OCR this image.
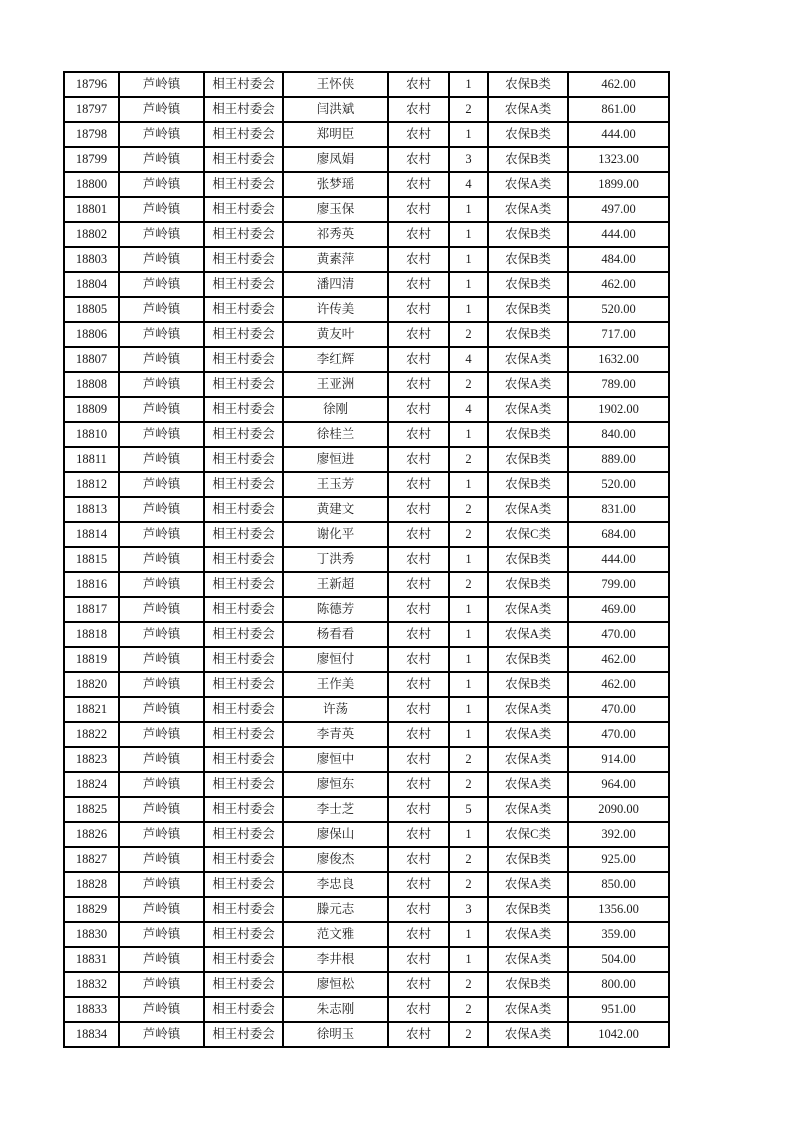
18796	芦岭镇	相王村委会	王怀侠	农村	1	农保B类	462.00
18797	芦岭镇	相王村委会	闫洪斌	农村	2	农保A类	861.00
18798	芦岭镇	相王村委会	郑明臣	农村	1	农保B类	444.00
18799	芦岭镇	相王村委会	廖凤娟	农村	3	农保B类	1323.00
18800	芦岭镇	相王村委会	张梦瑶	农村	4	农保A类	1899.00
18801	芦岭镇	相王村委会	廖玉保	农村	1	农保A类	497.00
18802	芦岭镇	相王村委会	祁秀英	农村	1	农保B类	444.00
18803	芦岭镇	相王村委会	黄素萍	农村	1	农保B类	484.00
18804	芦岭镇	相王村委会	潘四清	农村	1	农保B类	462.00
18805	芦岭镇	相王村委会	许传美	农村	1	农保B类	520.00
18806	芦岭镇	相王村委会	黄友叶	农村	2	农保B类	717.00
18807	芦岭镇	相王村委会	李红辉	农村	4	农保A类	1632.00
18808	芦岭镇	相王村委会	王亚洲	农村	2	农保A类	789.00
18809	芦岭镇	相王村委会	徐刚	农村	4	农保A类	1902.00
18810	芦岭镇	相王村委会	徐桂兰	农村	1	农保B类	840.00
18811	芦岭镇	相王村委会	廖恒进	农村	2	农保B类	889.00
18812	芦岭镇	相王村委会	王玉芳	农村	1	农保B类	520.00
18813	芦岭镇	相王村委会	黄建文	农村	2	农保A类	831.00
18814	芦岭镇	相王村委会	谢化平	农村	2	农保C类	684.00
18815	芦岭镇	相王村委会	丁洪秀	农村	1	农保B类	444.00
18816	芦岭镇	相王村委会	王新超	农村	2	农保B类	799.00
18817	芦岭镇	相王村委会	陈德芳	农村	1	农保A类	469.00
18818	芦岭镇	相王村委会	杨看看	农村	1	农保A类	470.00
18819	芦岭镇	相王村委会	廖恒付	农村	1	农保B类	462.00
18820	芦岭镇	相王村委会	王作美	农村	1	农保B类	462.00
18821	芦岭镇	相王村委会	许荡	农村	1	农保A类	470.00
18822	芦岭镇	相王村委会	李青英	农村	1	农保A类	470.00
18823	芦岭镇	相王村委会	廖恒中	农村	2	农保A类	914.00
18824	芦岭镇	相王村委会	廖恒东	农村	2	农保A类	964.00
18825	芦岭镇	相王村委会	李士芝	农村	5	农保A类	2090.00
18826	芦岭镇	相王村委会	廖保山	农村	1	农保C类	392.00
18827	芦岭镇	相王村委会	廖俊杰	农村	2	农保B类	925.00
18828	芦岭镇	相王村委会	李忠良	农村	2	农保A类	850.00
18829	芦岭镇	相王村委会	滕元志	农村	3	农保B类	1356.00
18830	芦岭镇	相王村委会	范文雅	农村	1	农保A类	359.00
18831	芦岭镇	相王村委会	李井根	农村	1	农保A类	504.00
18832	芦岭镇	相王村委会	廖恒松	农村	2	农保B类	800.00
18833	芦岭镇	相王村委会	朱志刚	农村	2	农保A类	951.00
18834	芦岭镇	相王村委会	徐明玉	农村	2	农保A类	1042.00
